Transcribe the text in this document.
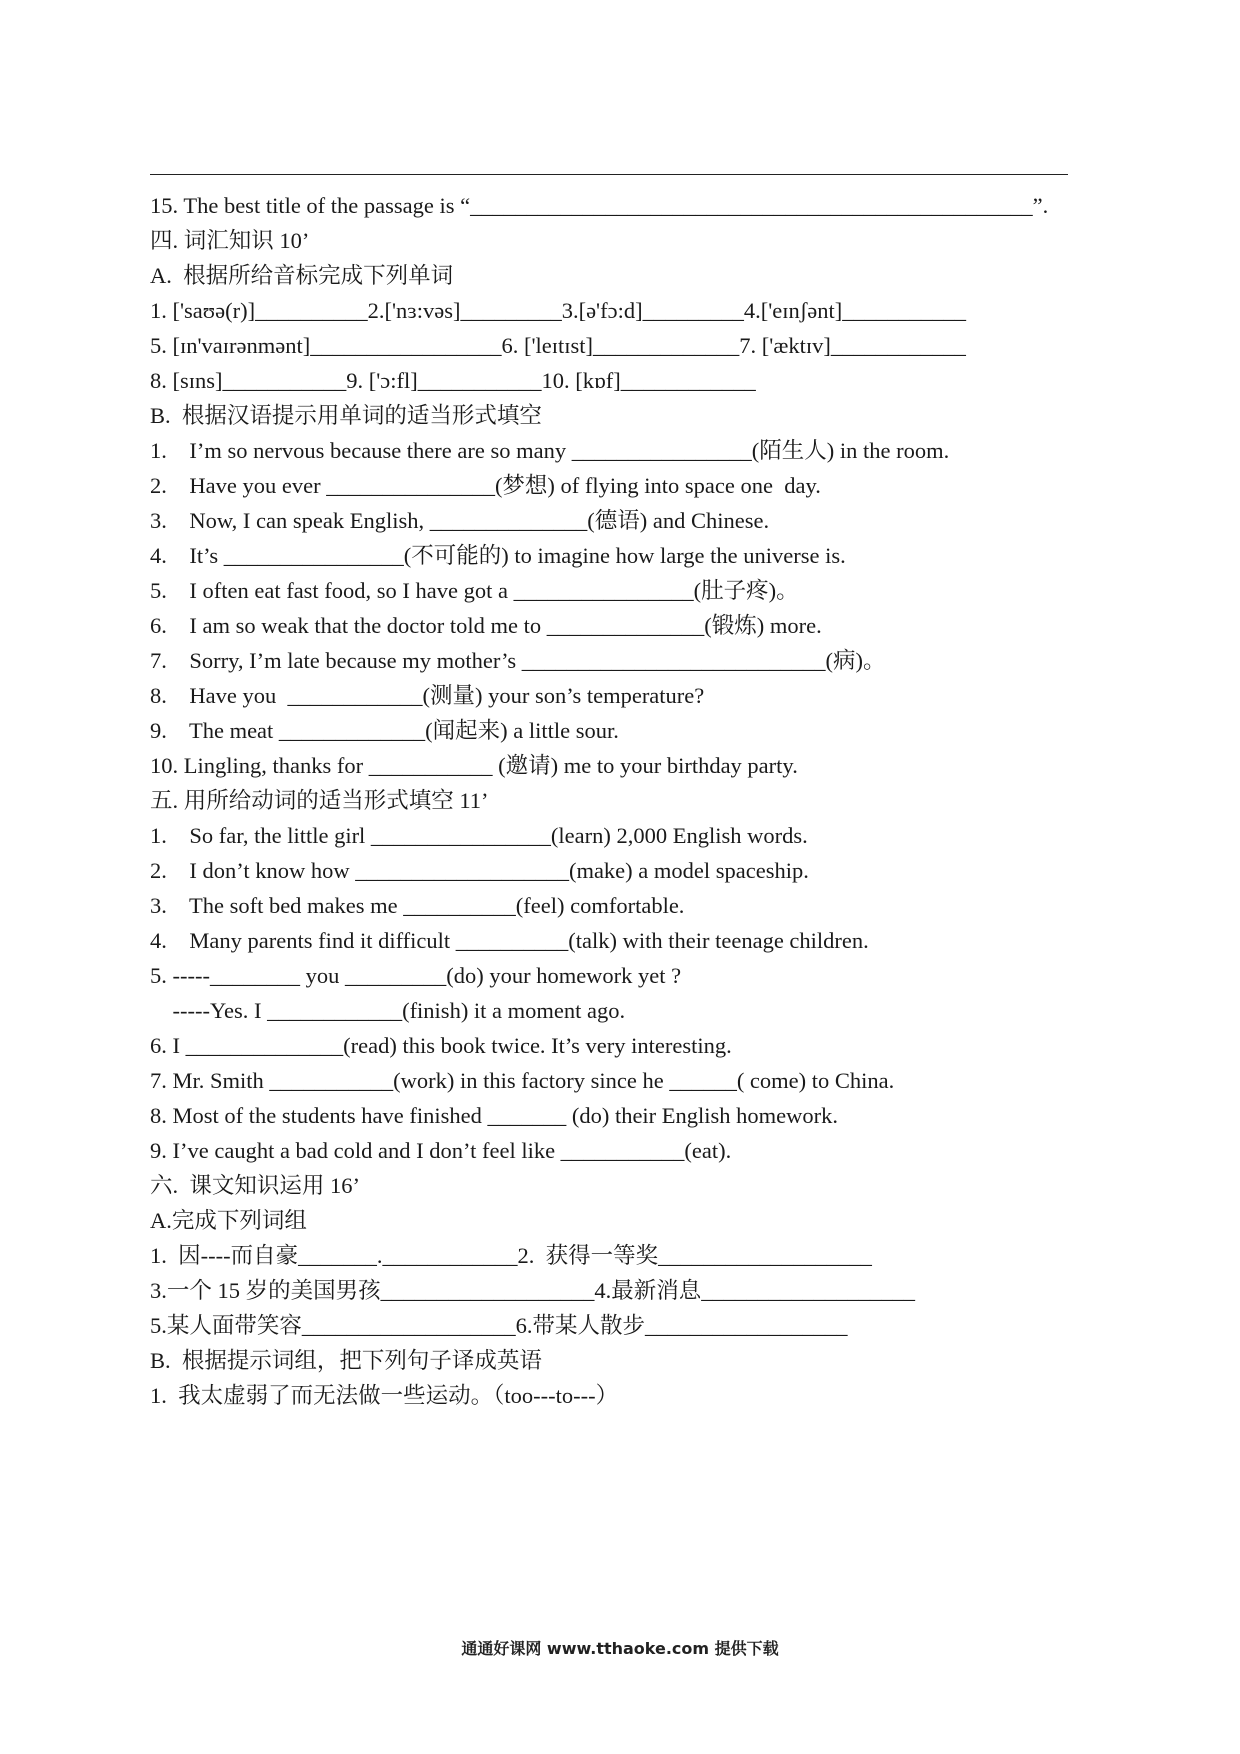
15. The best title of the passage is “__________________________________________________”.
四. 词汇知识 10’
A.  根据所给音标完成下列单词
1. ['saʊə(r)]__________2.['nɜ:vəs]_________3.[ə'fɔ:d]_________4.['eɪnʃənt]___________
5. [ɪn'vaɪrənmənt]_________________6. ['leɪtɪst]_____________7. ['æktɪv]____________
8. [sɪns]___________9. ['ɔ:fl]___________10. [kɒf]____________
B.  根据汉语提示用单词的适当形式填空
1.    I’m so nervous because there are so many ________________(陌生人) in the room.
2.    Have you ever _______________(梦想) of flying into space one  day.
3.    Now, I can speak English, ______________(德语) and Chinese.
4.    It’s ________________(不可能的) to imagine how large the universe is.
5.    I often eat fast food, so I have got a ________________(肚子疼)。
6.    I am so weak that the doctor told me to ______________(锻炼) more.
7.    Sorry, I’m late because my mother’s ___________________________(病)。
8.    Have you  ____________(测量) your son’s temperature?
9.    The meat _____________(闻起来) a little sour.
10. Lingling, thanks for ___________ (邀请) me to your birthday party.
五. 用所给动词的适当形式填空 11’
1.    So far, the little girl ________________(learn) 2,000 English words.
2.    I don’t know how ___________________(make) a model spaceship.
3.    The soft bed makes me __________(feel) comfortable.
4.    Many parents find it difficult __________(talk) with their teenage children.
5. -----________ you _________(do) your homework yet ?
-----Yes. I ____________(finish) it a moment ago.
6. I ______________(read) this book twice. It’s very interesting.
7. Mr. Smith ___________(work) in this factory since he ______( come) to China.
8. Most of the students have finished _______ (do) their English homework.
9. I’ve caught a bad cold and I don’t feel like ___________(eat).
六.  课文知识运用 16’
A.完成下列词组
1.  因----而自豪_______.____________2.  获得一等奖___________________
3.一个 15 岁的美国男孩___________________4.最新消息___________________
5.某人面带笑容___________________6.带某人散步__________________
B.  根据提示词组，把下列句子译成英语
1.  我太虚弱了而无法做一些运动。（too---to---）
通通好课网 www.tthaoke.com 提供下载
